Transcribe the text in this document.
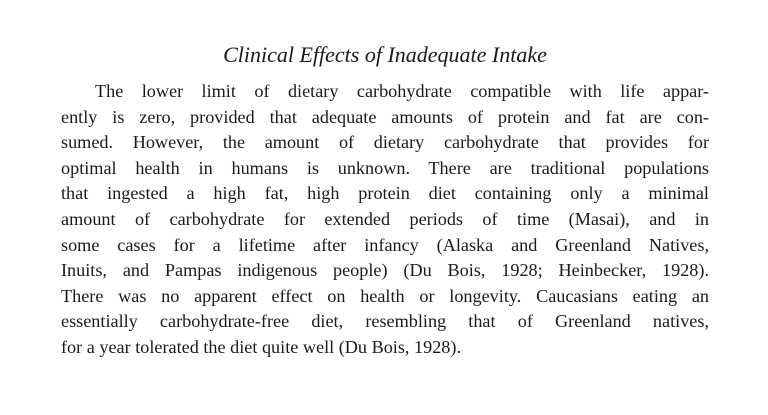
Clinical Effects of Inadequate Intake

The lower limit of dietary carbohydrate compatible with life appar-
ently is zero, provided that adequate amounts of protein and fat are con-
sumed. However, the amount of dietary carbohydrate that provides for
optimal health in humans is unknown. There are traditional populations
that ingested a high fat, high protein diet containing only a minimal
amount of carbohydrate for extended periods of time (Masai), and in
some cases for a lifetime after infancy (Alaska and Greenland Natives,
Inuits, and Pampas indigenous people) (Du Bois, 1928; Heinbecker, 1928).
There was no apparent effect on health or longevity. Caucasians eating an
essentially carbohydrate-free diet, resembling that of Greenland natives,
for a year tolerated the diet quite well (Du Bois, 1928).
